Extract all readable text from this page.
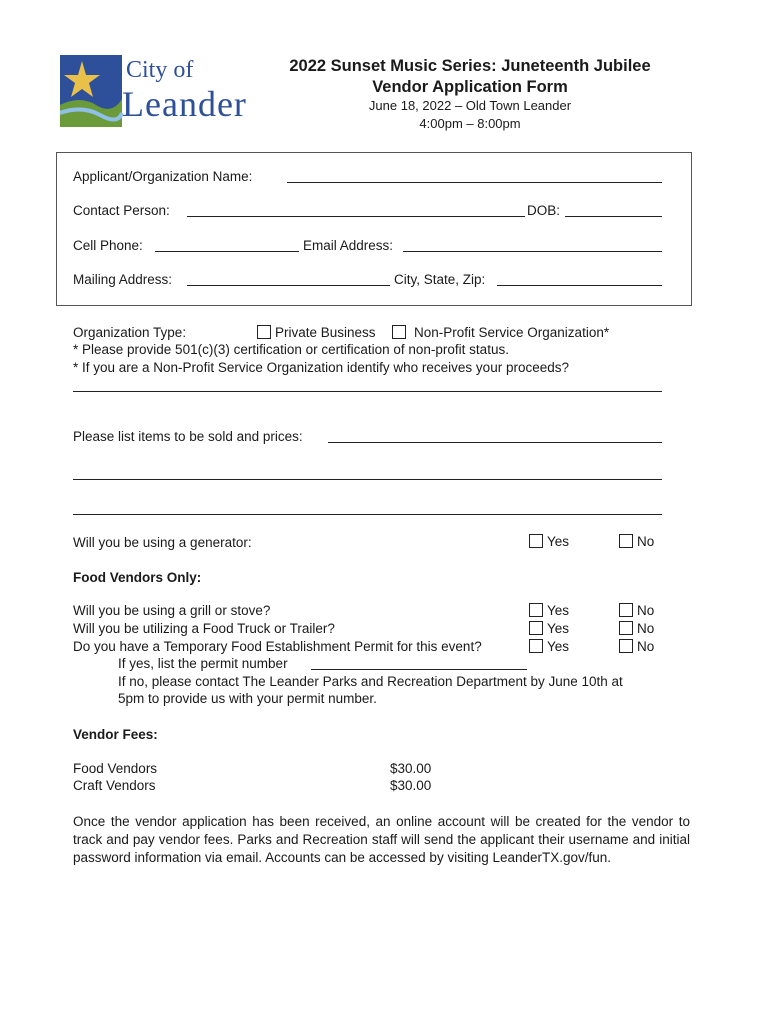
City of
Leander
2022 Sunset Music Series: Juneteenth Jubilee
Vendor Application Form
June 18, 2022 – Old Town Leander
4:00pm – 8:00pm
Applicant/Organization Name:
Contact Person:	DOB:
Cell Phone:	Email Address:
Mailing Address:	City, State, Zip:
Organization Type:	Private Business	Non-Profit Service Organization*
* Please provide 501(c)(3) certification or certification of non-profit status.
* If you are a Non-Profit Service Organization identify who receives your proceeds?
Please list items to be sold and prices:
Will you be using a generator:	Yes	No
Food Vendors Only:
Will you be using a grill or stove?	Yes	No
Will you be utilizing a Food Truck or Trailer?	Yes	No
Do you have a Temporary Food Establishment Permit for this event?	Yes	No
If yes, list the permit number
If no, please contact The Leander Parks and Recreation Department by June 10th at
5pm to provide us with your permit number.
Vendor Fees:
Food Vendors	$30.00
Craft Vendors	$30.00
Once the vendor application has been received, an online account will be created for the vendor to track and pay vendor fees. Parks and Recreation staff will send the applicant their username and initial password information via email. Accounts can be accessed by visiting LeanderTX.gov/fun.
